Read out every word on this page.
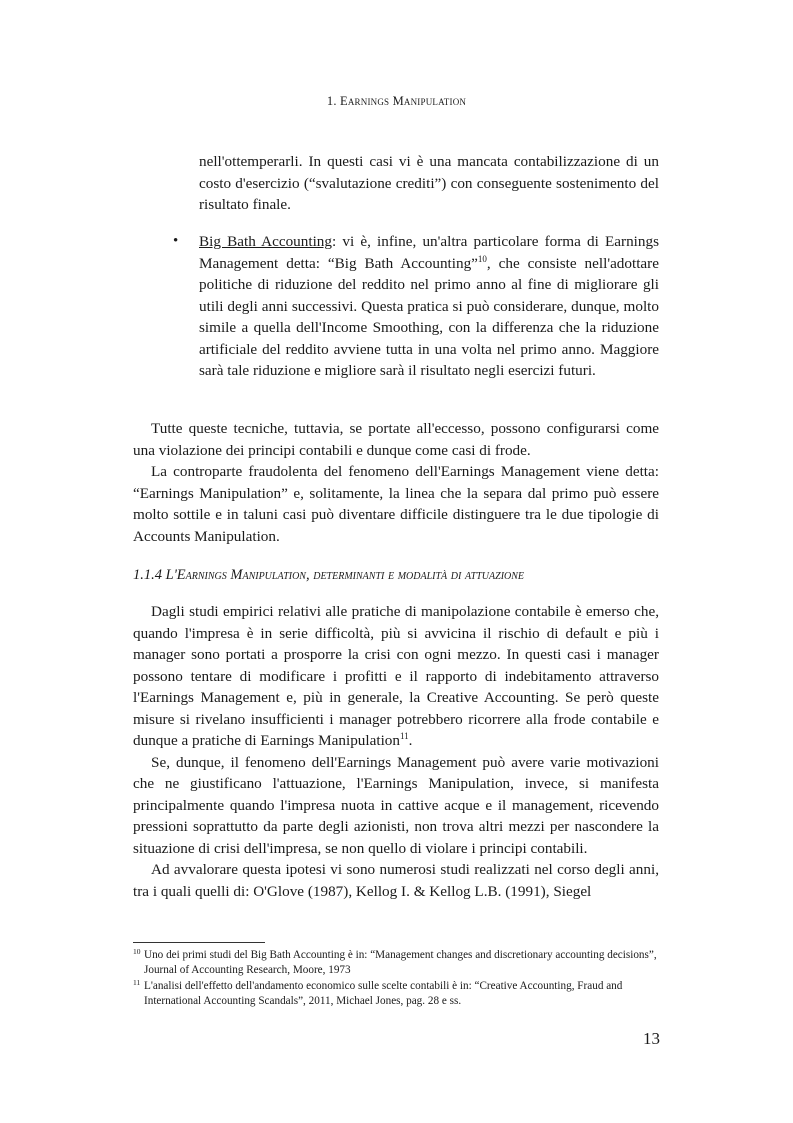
1. Earnings Manipulation

nell'ottemperarli. In questi casi vi è una mancata contabilizzazione di un costo d'esercizio (“svalutazione crediti”) con conseguente sostenimento del risultato finale.

• Big Bath Accounting: vi è, infine, un'altra particolare forma di Earnings Management detta: “Big Bath Accounting”$^{10}$, che consiste nell'adottare politiche di riduzione del reddito nel primo anno al fine di migliorare gli utili degli anni successivi. Questa pratica si può considerare, dunque, molto simile a quella dell'Income Smoothing, con la differenza che la riduzione artificiale del reddito avviene tutta in una volta nel primo anno. Maggiore sarà tale riduzione e migliore sarà il risultato negli esercizi futuri.

Tutte queste tecniche, tuttavia, se portate all'eccesso, possono configurarsi come una violazione dei principi contabili e dunque come casi di frode.

La controparte fraudolenta del fenomeno dell'Earnings Management viene detta: “Earnings Manipulation” e, solitamente, la linea che la separa dal primo può essere molto sottile e in taluni casi può diventare difficile distinguere tra le due tipologie di Accounts Manipulation.

1.1.4 L'Earnings Manipulation, determinanti e modalità di attuazione

Dagli studi empirici relativi alle pratiche di manipolazione contabile è emerso che, quando l'impresa è in serie difficoltà, più si avvicina il rischio di default e più i manager sono portati a prosporre la crisi con ogni mezzo. In questi casi i manager possono tentare di modificare i profitti e il rapporto di indebitamento attraverso l'Earnings Management e, più in generale, la Creative Accounting. Se però queste misure si rivelano insufficienti i manager potrebbero ricorrere alla frode contabile e dunque a pratiche di Earnings Manipulation$^{11}$.

Se, dunque, il fenomeno dell'Earnings Management può avere varie motivazioni che ne giustificano l'attuazione, l'Earnings Manipulation, invece, si manifesta principalmente quando l'impresa nuota in cattive acque e il management, ricevendo pressioni soprattutto da parte degli azionisti, non trova altri mezzi per nascondere la situazione di crisi dell'impresa, se non quello di violare i principi contabili.

Ad avvalorare questa ipotesi vi sono numerosi studi realizzati nel corso degli anni, tra i quali quelli di: O'Glove (1987), Kellog I. & Kellog L.B. (1991), Siegel

10 Uno dei primi studi del Big Bath Accounting è in: “Management changes and discretionary accounting decisions”, Journal of Accounting Research, Moore, 1973

11 L'analisi dell'effetto dell'andamento economico sulle scelte contabili è in: “Creative Accounting, Fraud and International Accounting Scandals”, 2011, Michael Jones, pag. 28 e ss.

13
